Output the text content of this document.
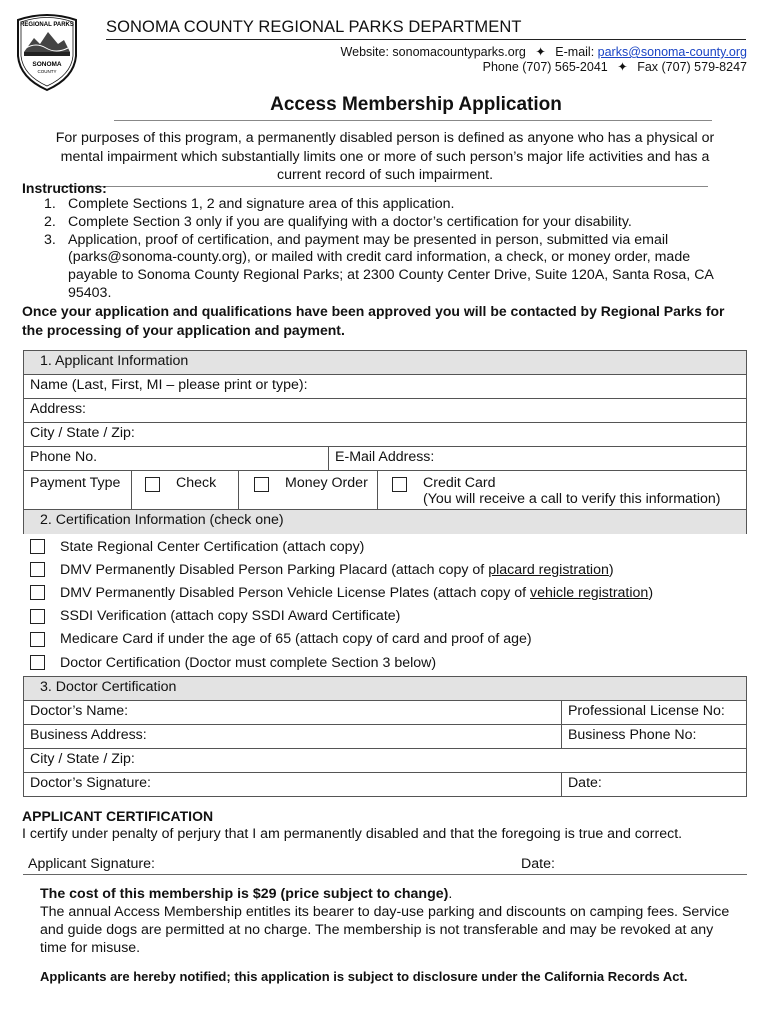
REGIONAL PARKS
SONOMA
COUNTY
SONOMA COUNTY REGIONAL PARKS DEPARTMENT
Website: sonomacountyparks.org ✦ E-mail: parks@sonoma-county.org
Phone (707) 565-2041 ✦ Fax (707) 579-8247
Access Membership Application
For purposes of this program, a permanently disabled person is defined as anyone who has a physical or mental impairment which substantially limits one or more of such person’s major life activities and has a current record of such impairment.
Instructions:
1. Complete Sections 1, 2 and signature area of this application.
2. Complete Section 3 only if you are qualifying with a doctor’s certification for your disability.
3. Application, proof of certification, and payment may be presented in person, submitted via email (parks@sonoma-county.org), or mailed with credit card information, a check, or money order, made payable to Sonoma County Regional Parks; at 2300 County Center Drive, Suite 120A, Santa Rosa, CA 95403.
Once your application and qualifications have been approved you will be contacted by Regional Parks for the processing of your application and payment.
1. Applicant Information
Name (Last, First, MI – please print or type):
Address:
City / State / Zip:
Phone No.	E-Mail Address:

Payment Type	Check	Money Order	Credit Card
(You will receive a call to verify this information)

2. Certification Information (check one)
State Regional Center Certification (attach copy)
DMV Permanently Disabled Person Parking Placard (attach copy of placard registration)
DMV Permanently Disabled Person Vehicle License Plates (attach copy of vehicle registration)
SSDI Verification (attach copy SSDI Award Certificate)
Medicare Card if under the age of 65 (attach copy of card and proof of age)
Doctor Certification (Doctor must complete Section 3 below)
3. Doctor Certification	
Doctor’s Name:	Professional License No:
Business Address:	Business Phone No:
City / State / Zip:	
Doctor’s Signature:	Date:
APPLICANT CERTIFICATION
I certify under penalty of perjury that I am permanently disabled and that the foregoing is true and correct.
Applicant Signature:	Date:
The cost of this membership is $29 (price subject to change).
The annual Access Membership entitles its bearer to day-use parking and discounts on camping fees. Service and guide dogs are permitted at no charge. The membership is not transferable and may be revoked at any time for misuse.
Applicants are hereby notified; this application is subject to disclosure under the California Records Act.
